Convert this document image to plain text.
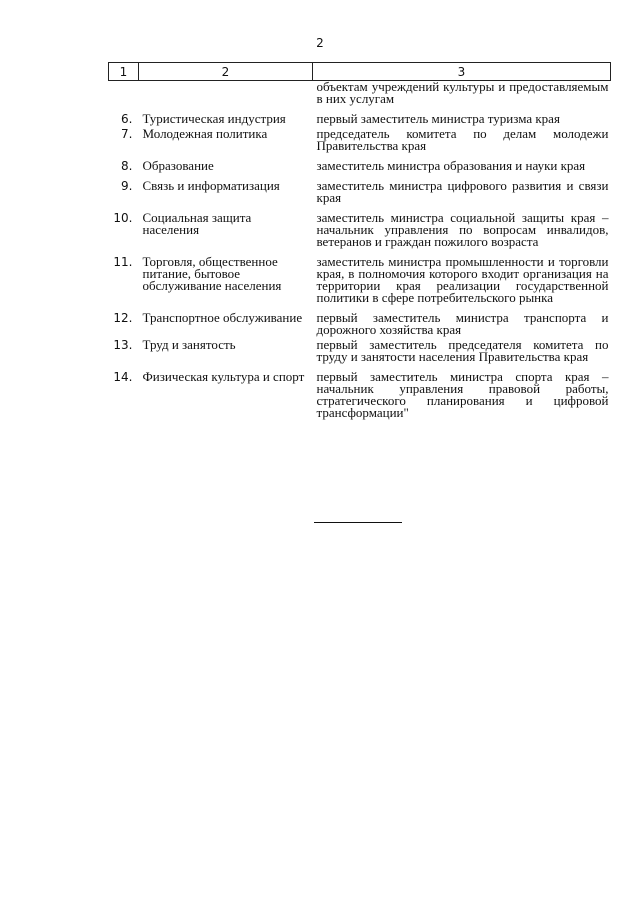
2
1	2	3
		объектам учреждений культуры и предоставляемым в них услугам
6.	Туристическая индустрия	первый заместитель министра туризма края
7.	Молодежная политика	председатель комитета по делам молодежи Правительства края
8.	Образование	заместитель министра образования и науки края
9.	Связь и информатизация	заместитель министра цифрового развития и связи края
10.	Социальная защита населения	заместитель министра социальной защиты края – начальник управления по вопросам инвалидов, ветеранов и граждан пожилого возраста
11.	Торговля, общественное питание, бытовое обслуживание населения	заместитель министра промышленности и торговли края, в полномочия которого входит организация на территории края реализации государственной политики в сфере потребительского рынка
12.	Транспортное обслуживание	первый заместитель министра транспорта и дорожного хозяйства края
13.	Труд и занятость	первый заместитель председателя комитета по труду и занятости населения Правительства края
14.	Физическая культура и спорт	первый заместитель министра спорта края – начальник управления правовой работы, стратегического планирования и цифровой трансформации"
